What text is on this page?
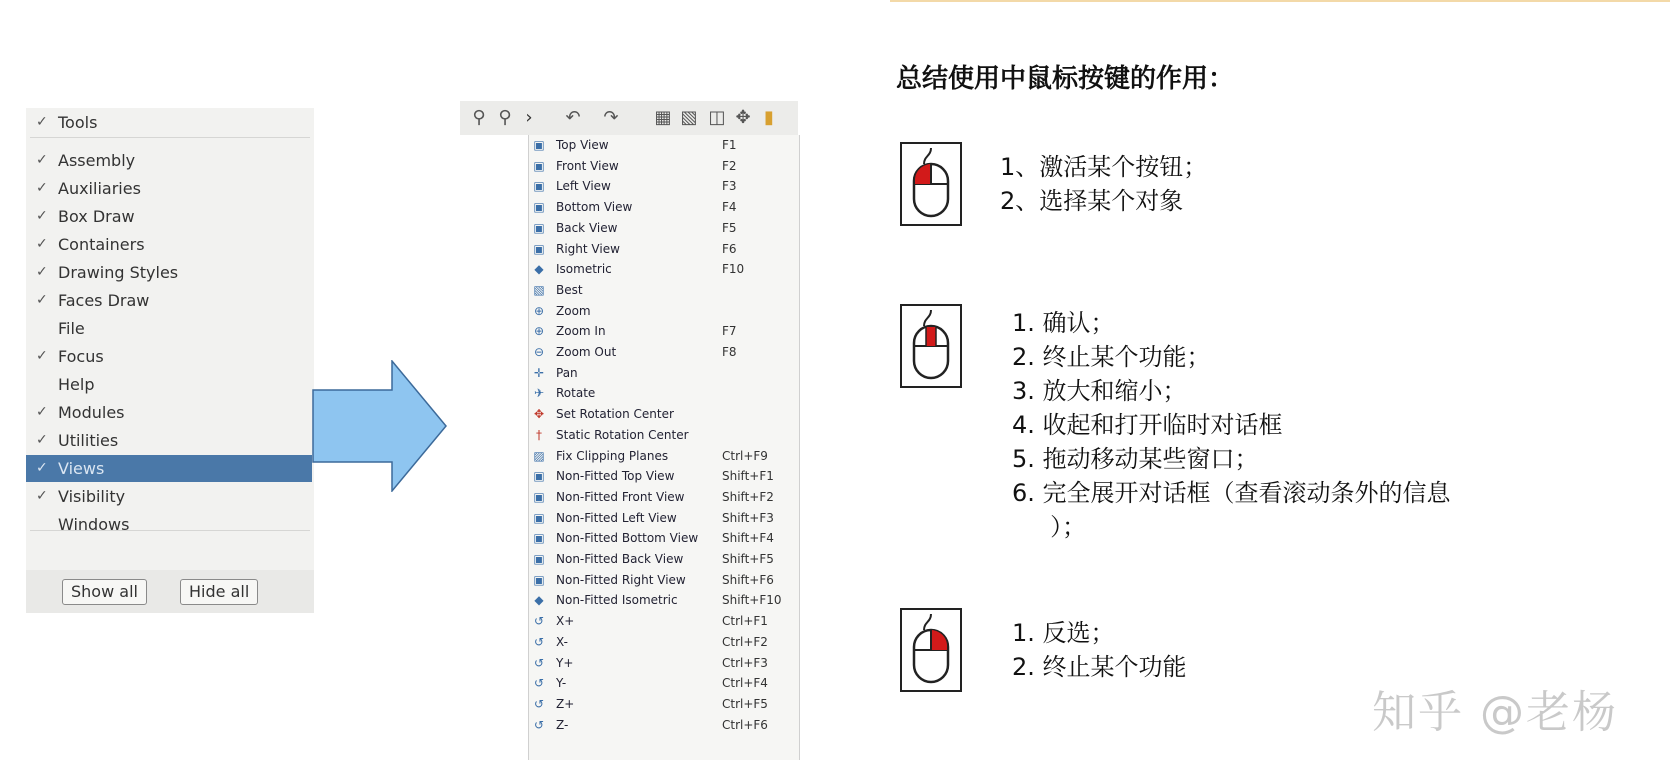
✓ Tools
✓ Assembly
✓ Auxiliaries
✓ Box Draw
✓ Containers
✓ Drawing Styles
✓ Faces Draw
File
✓ Focus
Help
✓ Modules
✓ Utilities
✓ Views
✓ Visibility
Windows
Show all	Hide all
⚲ ⚲ ›	↶ ↷ ▦ ▧ ◫ ✥ ▮
▣ Top View	F1
▣ Front View	F2
▣ Left View	F3
▣ Bottom View	F4
▣ Back View	F5
▣ Right View	F6
◆ Isometric	F10
▧ Best
⊕ Zoom
⊕ Zoom In	F7
⊖ Zoom Out	F8
✛ Pan
✈ Rotate
✥ Set Rotation Center
†	Static Rotation Center
▨ Fix Clipping Planes	Ctrl+F9
▣ Non-Fitted Top View	Shift+F1
▣ Non-Fitted Front View	Shift+F2
▣ Non-Fitted Left View	Shift+F3
▣ Non-Fitted Bottom View Shift+F4
▣ Non-Fitted Back View	Shift+F5
▣ Non-Fitted Right View	Shift+F6
◆ Non-Fitted Isometric	Shift+F10
↺ X+	Ctrl+F1
↺ X-	Ctrl+F2
↺ Y+	Ctrl+F3
↺ Y-	Ctrl+F4
↺ Z+	Ctrl+F5
↺ Z-	Ctrl+F6
总结使用中鼠标按键的作用：
1、激活某个按钮；
2、选择某个对象
1. 确认；
2. 终止某个功能；
3. 放大和缩小；
4. 收起和打开临时对话框
5. 拖动移动某些窗口；
6. 完全展开对话框（查看滚动条外的信息
）；
1. 反选；
2. 终止某个功能
知乎 @老杨
